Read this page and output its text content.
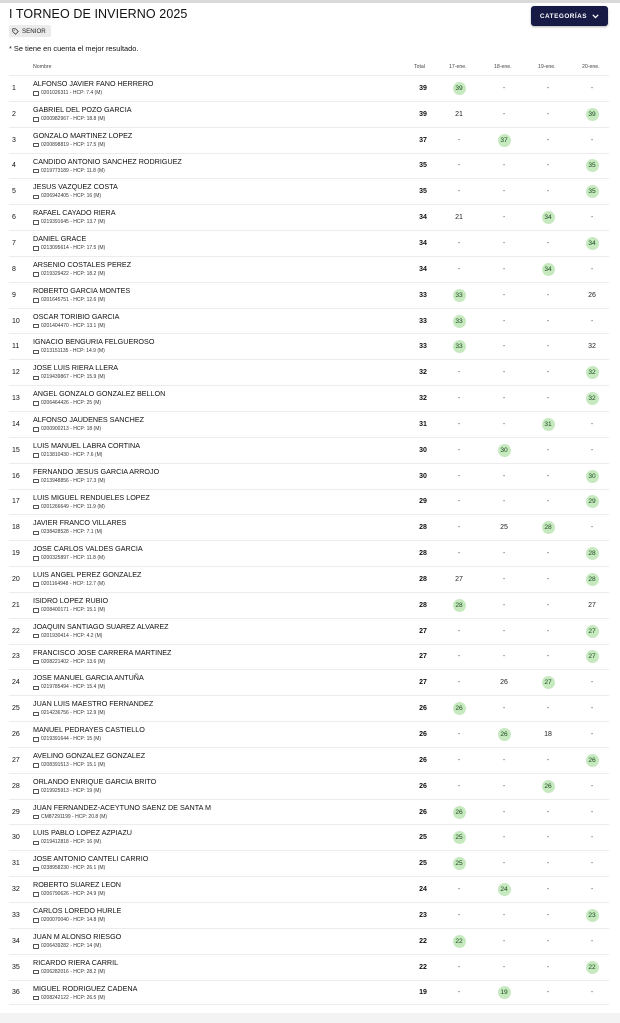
I TORNEO DE INVIERNO 2025	CATEGORÍAS
SENIOR
* Se tiene en cuenta el mejor resultado.
Nombre	Total	17-ene.	18-ene.	19-ene.	20-ene.
1
ALFONSO JAVIER FANO HERRERO
0201026311 - HCP: 7.4 (M)
39	39	-	-	-
2
GABRIEL DEL POZO GARCIA
0200982967 - HCP: 18.8 (M)
39	21	-	-	39
3
GONZALO MARTINEZ LOPEZ
0200898819 - HCP: 17.5 (M)
37	-	37	-	-
4
CANDIDO ANTONIO SANCHEZ RODRIGUEZ
0219773189 - HCP: 11.8 (M)
35	-	-	-	35
5
JESUS VAZQUEZ COSTA
0206942405 - HCP: 16 (M)
35	-	-	-	35
6
RAFAEL CAYADO RIERA
0219391645 - HCP: 13.7 (M)
34	21	-	34	-
7
DANIEL GRACE
0213095614 - HCP: 17.5 (M)
34	-	-	-	34
8
ARSENIO COSTALES PEREZ
0219329422 - HCP: 18.2 (M)
34	-	-	34	-
9
ROBERTO GARCIA MONTES
0201645751 - HCP: 12.6 (M)
33	33	-	-	26
10
OSCAR TORIBIO GARCIA
0201404470 - HCP: 13.1 (M)
33	33	-	-	-
11
IGNACIO BENGURIA FELGUEROSO
0213151135 - HCP: 14.9 (M)
33	33	-	-	32
12
JOSE LUIS RIERA LLERA
0219439867 - HCP: 15.9 (M)
32	-	-	-	32
13
ANGEL GONZALO GONZALEZ BELLON
0206464426 - HCP: 25 (M)
32	-	-	-	32
14
ALFONSO JAUDENES SANCHEZ
0200900213 - HCP: 18 (M)
31	-	-	31	-
15
LUIS MANUEL LABRA CORTINA
0213810430 - HCP: 7.6 (M)
30	-	30	-	-
16
FERNANDO JESUS GARCIA ARROJO
0213948856 - HCP: 17.3 (M)
30	-	-	-	30
17
LUIS MIGUEL RENDUELES LOPEZ
0201266649 - HCP: 11.9 (M)
29	-	-	-	29
18
JAVIER FRANCO VILLARES
0238428528 - HCP: 7.1 (M)
28	-	25	28	-
19
JOSE CARLOS VALDES GARCIA
0200325897 - HCP: 11.8 (M)
28	-	-	-	28
20
LUIS ANGEL PEREZ GONZALEZ
0201164948 - HCP: 12.7 (M)
28	27	-	-	28
21
ISIDRO LOPEZ RUBIO
0208400171 - HCP: 15.1 (M)
28	28	-	-	27
22
JOAQUIN SANTIAGO SUAREZ ALVAREZ
0201930414 - HCP: 4.2 (M)
27	-	-	-	27
23
FRANCISCO JOSE CARRERA MARTINEZ
0208221402 - HCP: 13.6 (M)
27	-	-	-	27
24
JOSE MANUEL GARCIA ANTUÑA
0219785494 - HCP: 15.4 (M)
27	-	26	27	-
25
JUAN LUIS MAESTRO FERNANDEZ
0214236756 - HCP: 12.9 (M)
26	26	-	-	-
26
MANUEL PEDRAYES CASTIELLO
0219391644 - HCP: 15 (M)
26	-	26	18	-
27
AVELINO GONZALEZ GONZALEZ
0208391513 - HCP: 15.1 (M)
26	-	-	-	26
28
ORLANDO ENRIQUE GARCIA BRITO
0219925913 - HCP: 19 (M)
26	-	-	26	-
29
JUAN FERNANDEZ-ACEYTUNO SAENZ DE SANTA M
CM87291199 - HCP: 20.8 (M)
26	26	-	-	-
30
LUIS PABLO LOPEZ AZPIAZU
0219412818 - HCP: 16 (M)
25	25	-	-	-
31
JOSE ANTONIO CANTELI CARRIO
0238958230 - HCP: 26.1 (M)
25	25	-	-	-
32
ROBERTO SUAREZ LEON
0206790626 - HCP: 24.9 (M)
24	-	24	-	-
33
CARLOS LOREDO HURLE
0200070040 - HCP: 14.8 (M)
23	-	-	-	23
34
JUAN M ALONSO RIESGO
0206439282 - HCP: 14 (M)
22	22	-	-	-
35
RICARDO RIERA CARRIL
0206282016 - HCP: 28.2 (M)
22	-	-	-	22
36	MIGUEL RODRIGUEZ CADENA
0208242122 - HCP: 26.5 (M)
19	-	19	-	-
